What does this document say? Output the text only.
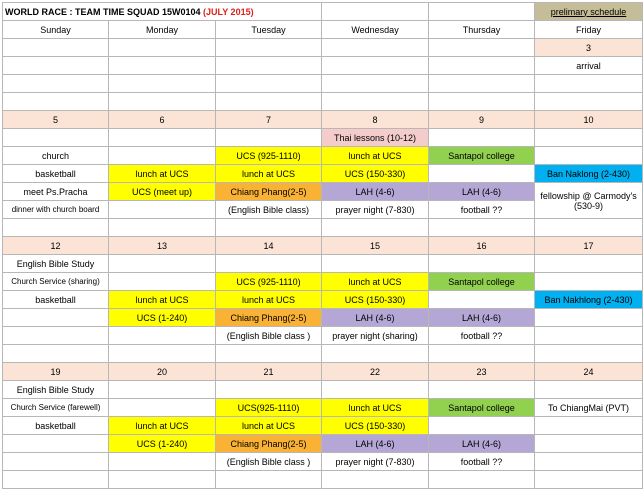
WORLD RACE : TEAM TIME SQUAD 15W0104 (JULY 2015)					prelimary schedule
Sunday	Monday	Tuesday	Wednesday	Thursday	Friday
					3
					arrival

5	6	7	8	9	10
			Thai lessons (10-12)		
church		UCS (925-1110)	lunch at UCS	Santapol college	
basketball	lunch at UCS	lunch at UCS	UCS (150-330)		Ban Naklong (2-430)
meet Ps.Pracha	UCS (meet up)	Chiang Phang(2-5)	LAH (4-6)	LAH (4-6)	fellowship @ Carmody's (530-9)
dinner with church board		(English Bible class)	prayer night (7-830)	football ??	

12	13	14	15	16	17
English Bible Study					
Church Service (sharing)		UCS (925-1110)	lunch at UCS	Santapol college	
basketball	lunch at UCS	lunch at UCS	UCS (150-330)		Ban Nakhlong (2-430)
	UCS (1-240)	Chiang Phang(2-5)	LAH (4-6)	LAH (4-6)	
		(English Bible class )	prayer night (sharing)	football ??	

19	20	21	22	23	24
English Bible Study					
Church Service (farewell)		UCS(925-1110)	lunch at UCS	Santapol college	To ChiangMai (PVT)
basketball	lunch at UCS	lunch at UCS	UCS (150-330)		
	UCS (1-240)	Chiang Phang(2-5)	LAH (4-6)	LAH (4-6)	
		(English Bible class )	prayer night (7-830)	football ??	
